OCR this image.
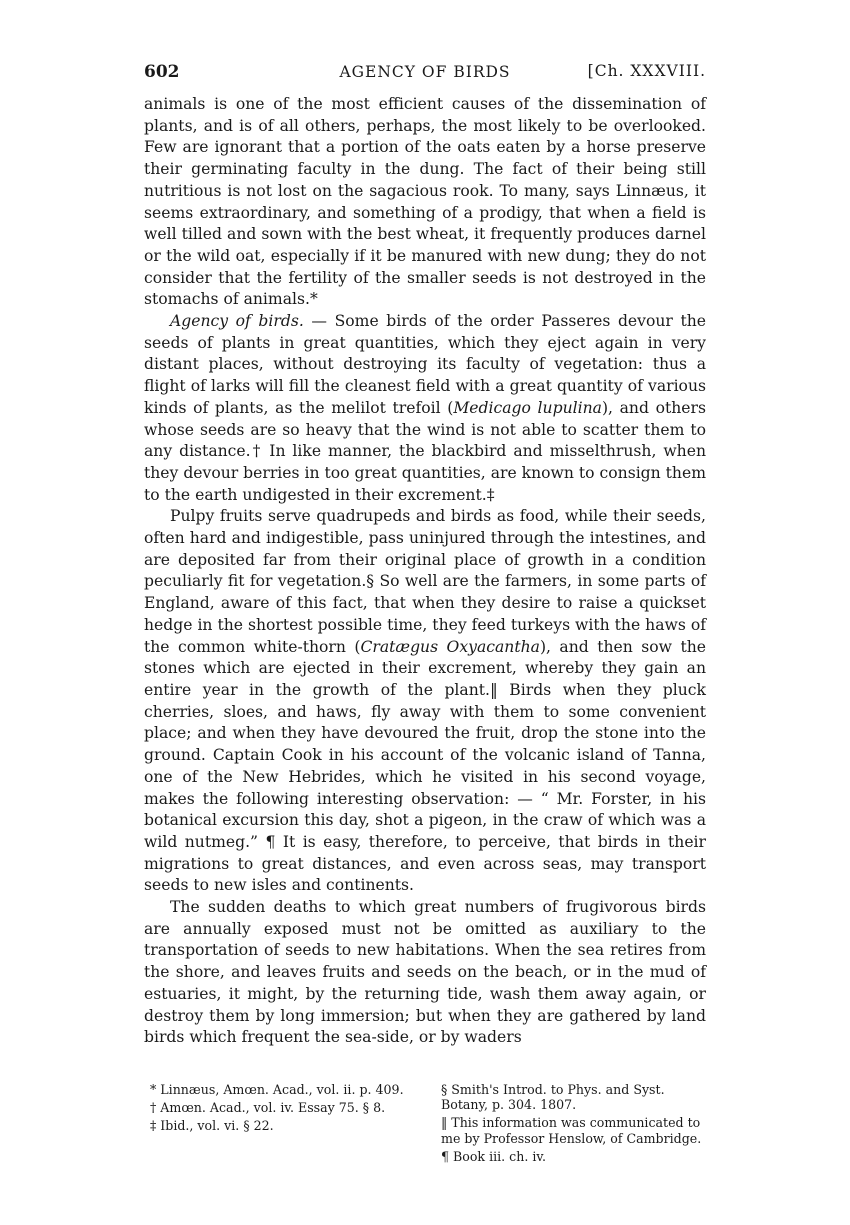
602	AGENCY OF BIRDS	[Ch. XXXVIII.

animals is one of the most efficient causes of the dissemination of plants, and is of all others, perhaps, the most likely to be overlooked. Few are ignorant that a portion of the oats eaten by a horse preserve their germinating faculty in the dung. The fact of their being still nutritious is not lost on the sagacious rook. To many, says Linnæus, it seems extraordinary, and something of a prodigy, that when a field is well tilled and sown with the best wheat, it frequently produces darnel or the wild oat, especially if it be manured with new dung; they do not consider that the fertility of the smaller seeds is not destroyed in the stomachs of animals.*

Agency of birds. — Some birds of the order Passeres devour the seeds of plants in great quantities, which they eject again in very distant places, without destroying its faculty of vegetation: thus a flight of larks will fill the cleanest field with a great quantity of various kinds of plants, as the melilot trefoil (Medicago lupulina), and others whose seeds are so heavy that the wind is not able to scatter them to any distance.† In like manner, the blackbird and misselthrush, when they devour berries in too great quantities, are known to consign them to the earth undigested in their excrement.‡

Pulpy fruits serve quadrupeds and birds as food, while their seeds, often hard and indigestible, pass uninjured through the intestines, and are deposited far from their original place of growth in a condition peculiarly fit for vegetation.§ So well are the farmers, in some parts of England, aware of this fact, that when they desire to raise a quickset hedge in the shortest possible time, they feed turkeys with the haws of the common white-thorn (Cratægus Oxyacantha), and then sow the stones which are ejected in their excrement, whereby they gain an entire year in the growth of the plant.‖ Birds when they pluck cherries, sloes, and haws, fly away with them to some convenient place; and when they have devoured the fruit, drop the stone into the ground. Captain Cook in his account of the volcanic island of Tanna, one of the New Hebrides, which he visited in his second voyage, makes the following interesting observation: — “ Mr. Forster, in his botanical excursion this day, shot a pigeon, in the craw of which was a wild nutmeg.” ¶ It is easy, therefore, to perceive, that birds in their migrations to great distances, and even across seas, may transport seeds to new isles and continents.

The sudden deaths to which great numbers of frugivorous birds are annually exposed must not be omitted as auxiliary to the transportation of seeds to new habitations. When the sea retires from the shore, and leaves fruits and seeds on the beach, or in the mud of estuaries, it might, by the returning tide, wash them away again, or destroy them by long immersion; but when they are gathered by land birds which frequent the sea-side, or by waders

* Linnæus, Amœn. Acad., vol. ii. p. 409.

† Amœn. Acad., vol. iv. Essay 75. § 8.

‡ Ibid., vol. vi. § 22.

§ Smith's Introd. to Phys. and Syst. Botany, p. 304. 1807.

‖ This information was communicated to me by Professor Henslow, of Cambridge.

¶ Book iii. ch. iv.
